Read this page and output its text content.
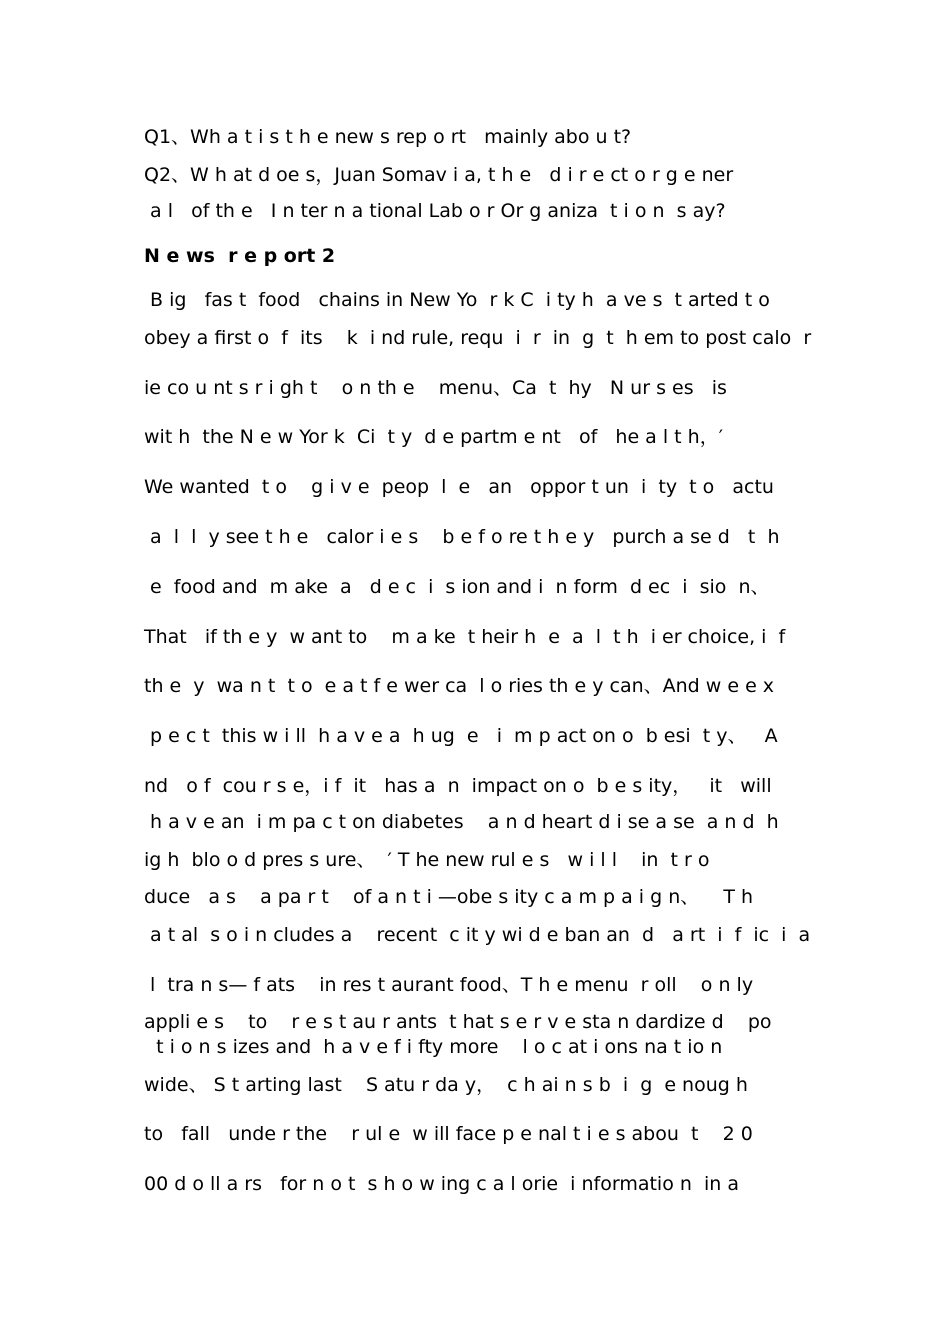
Q1、Wh a t i s t h e new s rep o rt   mainly abo u t?
Q2、W h at d oe s，Juan Somav i a, t h e   d i r e ct o r g e ner
a l   of th e   I n ter n a tional Lab o r Or g aniza  t i o n  s ay?
N e ws  r e p ort 2
B ig   fas t  food   chains in New Yo  r k C  i ty h  a ve s  t arted t o
obey a first o  f  its    k  i nd rule, requ  i  r  in  g  t  h em to post calo  r
ie co u nt s r i gh t    o n th e    menu、Ca  t  hy   N ur s es   is
wit h  the N e w Yor k  Ci  t y  d e partm e nt   of   he a l t h，′
We wanted  t o    g i v e  peop  l  e   an   oppor t un  i  ty  t o   actu
a  l  l  y see t h e   calor i e s    b e f o re t h e y   purch a se d   t  h
e  food and  m ake  a   d e c  i  s ion and i  n form  d ec  i  sio  n、
That   if th e y  w ant to    m a ke  t heir h  e  a  l  t h  i er choice, i  f
th e  y  wa n t  t o  e a t f e wer ca  l o ries th e y can、And w e e x
p e c t  this w i ll  h a v e a  h ug  e   i  m p act on o  b esi  t y、   A
nd   o f  cou r s e，i f  it   has a  n  impact on o  b e s ity，   it   will
h a v e an  i m pa c t on diabetes    a n d heart d i se a se  a n d  h
ig h  blo o d pres s ure、  ′ T he new rul e s   w i l l    in  t r o
duce   a s    a pa r t    of a n t i —obe s ity c a m p a i g n、    T h
a t al  s o i n cludes a    recent  c it y wi d e ban an  d   a rt  i  f  ic  i  a
l  tra n s— f ats    in res t aurant food、T h e menu  r oll    o n ly
appli e s    to    r e s t au r ants  t hat s e r v e sta n dardize d    po
t i o n s izes and  h a v e f i fty more    l o c at i ons na t io n
wide、 S t arting last    S atu r da y，  c h ai n s b  i  g  e noug h
to   fall   unde r the    r ul e  w ill face p e nal t i e s abou  t    2 0
00 d o ll a rs   for n o t  s h o w ing c a l orie  i nformatio n  in a
